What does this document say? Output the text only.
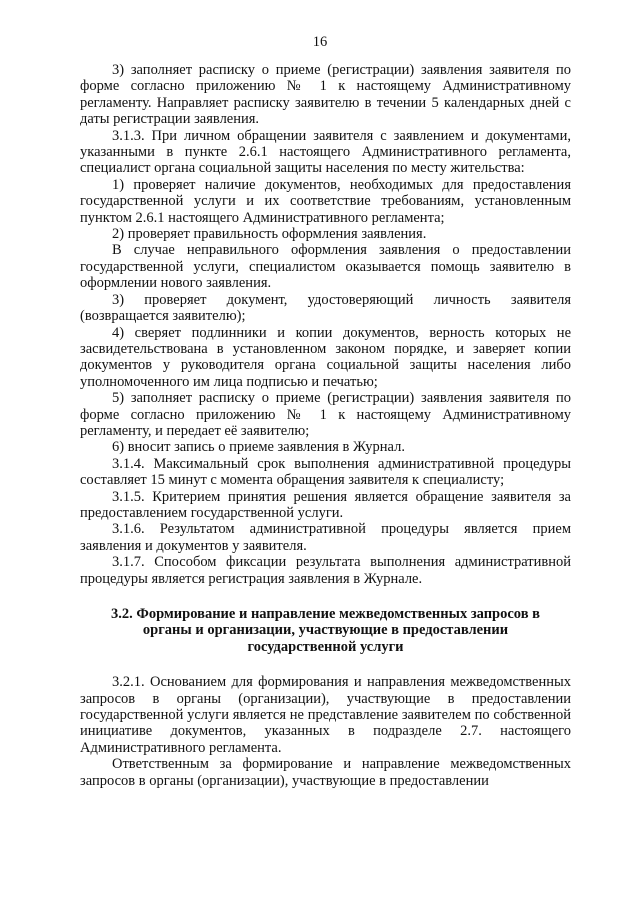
16

3) заполняет расписку о приеме (регистрации) заявления заявителя по форме согласно приложению № 1 к настоящему Административному регламенту. Направляет расписку заявителю в течении 5 календарных дней с даты регистрации заявления.

3.1.3. При личном обращении заявителя с заявлением и документами, указанными в пункте 2.6.1 настоящего Административного регламента, специалист органа социальной защиты населения по месту жительства:

1) проверяет наличие документов, необходимых для предоставления государственной услуги и их соответствие требованиям, установленным пунктом 2.6.1 настоящего Административного регламента;

2) проверяет правильность оформления заявления.

В случае неправильного оформления заявления о предоставлении государственной услуги, специалистом оказывается помощь заявителю в оформлении нового заявления.

3) проверяет документ, удостоверяющий личность заявителя (возвращается заявителю);

4) сверяет подлинники и копии документов, верность которых не засвидетельствована в установленном законом порядке, и заверяет копии документов у руководителя органа социальной защиты населения либо уполномоченного им лица подписью и печатью;

5) заполняет расписку о приеме (регистрации) заявления заявителя по форме согласно приложению № 1 к настоящему Административному регламенту, и передает её заявителю;

6) вносит запись о приеме заявления в Журнал.

3.1.4. Максимальный срок выполнения административной процедуры составляет 15 минут с момента обращения заявителя к специалисту;

3.1.5. Критерием принятия решения является обращение заявителя за предоставлением государственной услуги.

3.1.6. Результатом административной процедуры является прием заявления и документов у заявителя.

3.1.7. Способом фиксации результата выполнения административной процедуры является регистрация заявления в Журнале.

3.2. Формирование и направление межведомственных запросов в органы и организации, участвующие в предоставлении государственной услуги

3.2.1. Основанием для формирования и направления межведомственных запросов в органы (организации), участвующие в предоставлении государственной услуги является не представление заявителем по собственной инициативе документов, указанных в подразделе 2.7. настоящего Административного регламента.

Ответственным за формирование и направление межведомственных запросов в органы (организации), участвующие в предоставлении
